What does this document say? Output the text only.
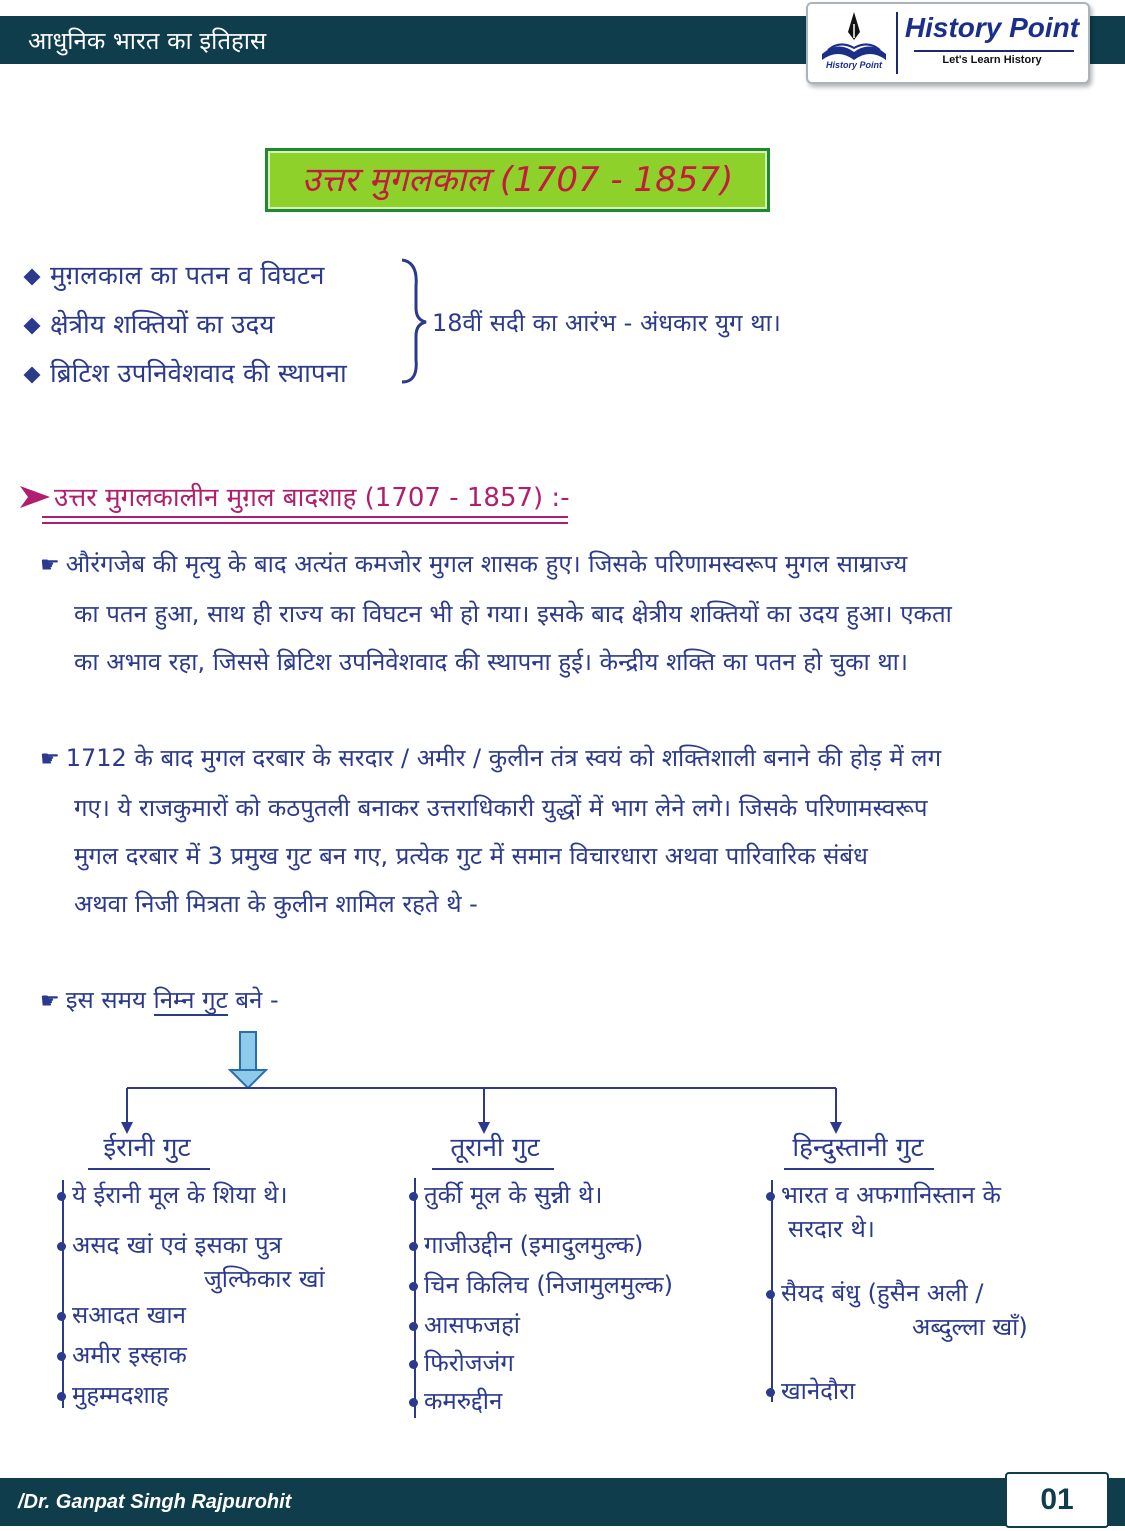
आधुनिक भारत का इतिहास
History Point
History Point
Let's Learn History
उत्तर मुगलकाल (1707 - 1857)
मुग़लकाल का पतन व विघटन
क्षेत्रीय शक्तियों का उदय
ब्रिटिश उपनिवेशवाद की स्थापना
18वीं सदी का आरंभ - अंधकार युग था।
उत्तर मुगलकालीन मुग़ल बादशाह (1707 - 1857) :-
☛ औरंगजेब की मृत्यु के बाद अत्यंत कमजोर मुगल शासक हुए। जिसके परिणामस्वरूप मुगल साम्राज्य
का पतन हुआ, साथ ही राज्य का विघटन भी हो गया। इसके बाद क्षेत्रीय शक्तियों का उदय हुआ। एकता
का अभाव रहा, जिससे ब्रिटिश उपनिवेशवाद की स्थापना हुई। केन्द्रीय शक्ति का पतन हो चुका था।
☛ 1712 के बाद मुगल दरबार के सरदार / अमीर / कुलीन तंत्र स्वयं को शक्तिशाली बनाने की होड़ में लग
गए। ये राजकुमारों को कठपुतली बनाकर उत्तराधिकारी युद्धों में भाग लेने लगे। जिसके परिणामस्वरूप
मुगल दरबार में 3 प्रमुख गुट बन गए, प्रत्येक गुट में समान विचारधारा अथवा पारिवारिक संबंध
अथवा निजी मित्रता के कुलीन शामिल रहते थे -
☛ इस समय निम्न गुट बने -
ईरानी गुट
ये ईरानी मूल के शिया थे।
असद खां एवं इसका पुत्र
जुल्फिकार खां
सआदत खान
अमीर इस्हाक
मुहम्मदशाह
तूरानी गुट
तुर्की मूल के सुन्नी थे।
गाजीउद्दीन (इमादुलमुल्क)
चिन किलिच (निजामुलमुल्क)
आसफजहां
फिरोजजंग
कमरुद्दीन
हिन्दुस्तानी गुट
भारत व अफगानिस्तान के
सरदार थे।
सैयद बंधु (हुसैन अली /
अब्दुल्ला खाँ)
खानेदौरा
/Dr. Ganpat Singh Rajpurohit	01
